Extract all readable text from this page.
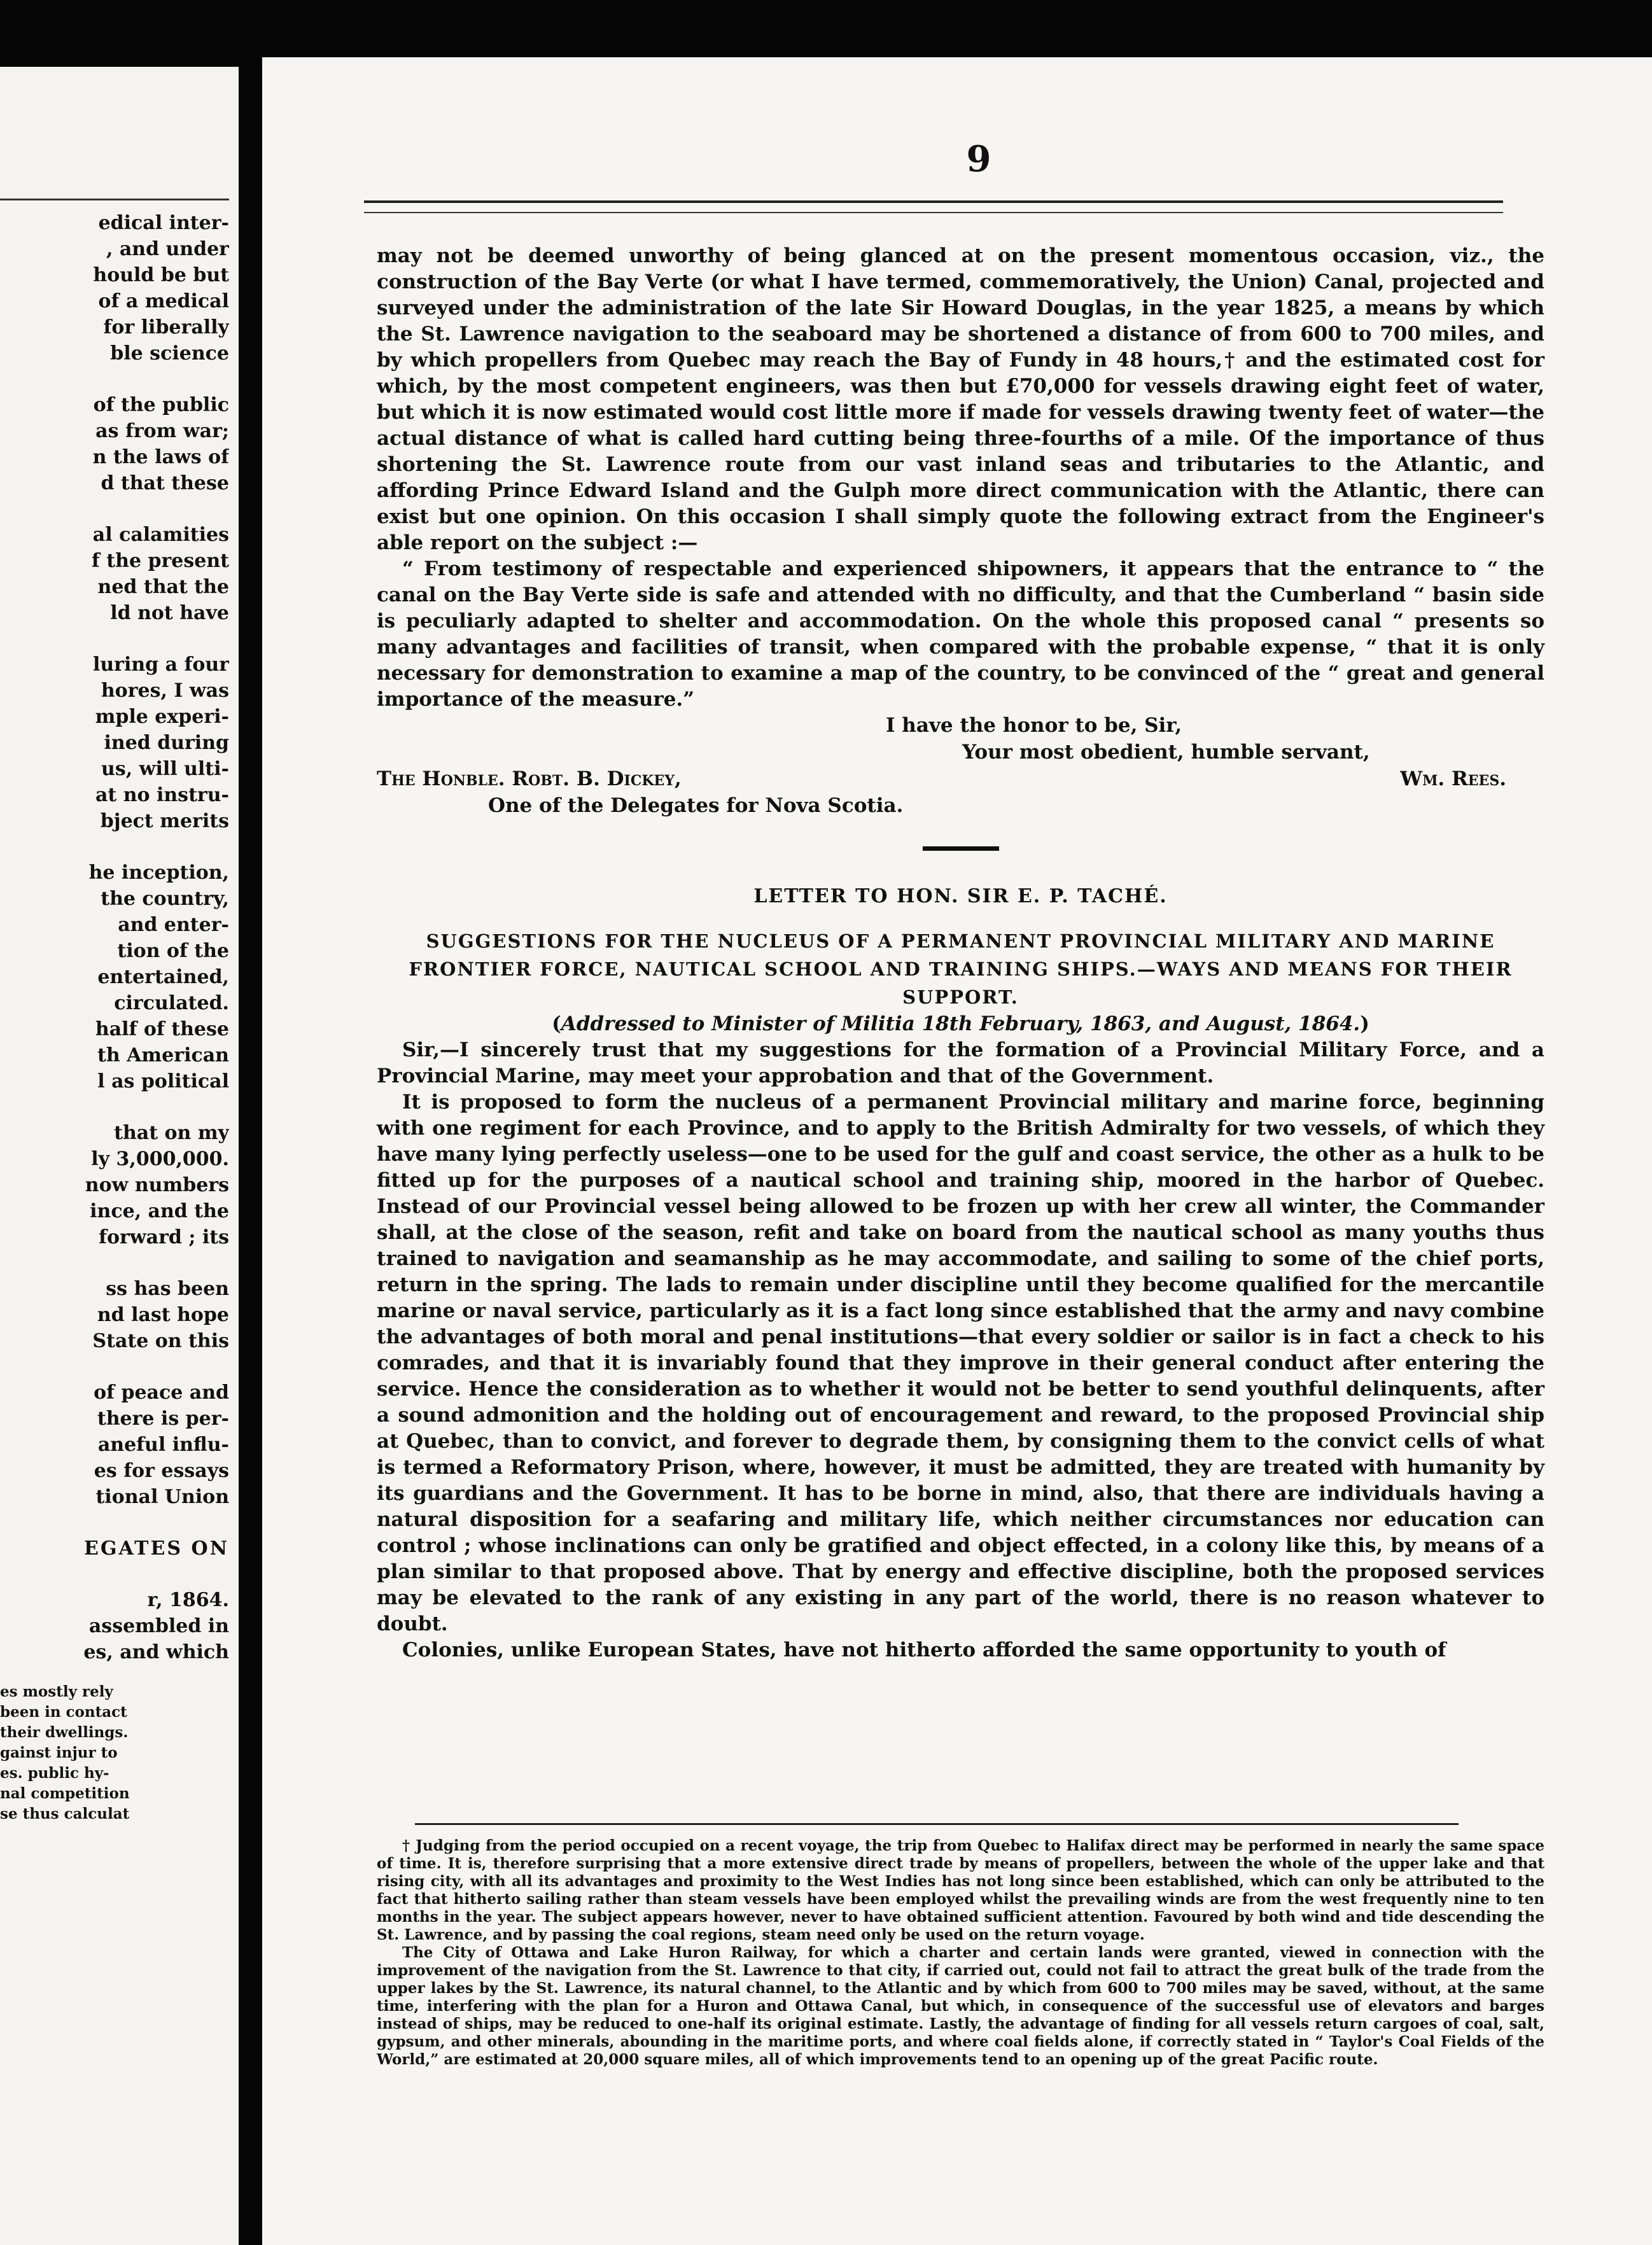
edical inter-
, and under
hould be but
of a medical
for liberally
ble science
of the public
as from war;
n the laws of
d that these
al calamities
f the present
ned that the
ld not have
luring a four
hores, I was
mple experi-
ined during
us, will ulti-
at no instru-
bject merits
he inception,
the country,
and enter-
tion of the
entertained,
circulated.
half of these
th American
l as political
that on my
ly 3,000,000.
now numbers
ince, and the
forward ; its
ss has been
nd last hope
State on this
of peace and
there is per-
aneful influ-
es for essays
tional Union
EGATES ON
r, 1864.
assembled in
es, and which
es mostly rely
been in contact
their dwellings.
gainst injur to
es. public hy-
nal competition
se thus calculat
9

may not be deemed unworthy of being glanced at on the present momentous occasion, viz., the construction of the Bay Verte (or what I have termed, commemoratively, the Union) Canal, projected and surveyed under the administration of the late Sir Howard Douglas, in the year 1825, a means by which the St. Lawrence navigation to the seaboard may be shortened a distance of from 600 to 700 miles, and by which propellers from Quebec may reach the Bay of Fundy in 48 hours,† and the estimated cost for which, by the most competent engineers, was then but £70,000 for vessels drawing eight feet of water, but which it is now estimated would cost little more if made for vessels drawing twenty feet of water—the actual distance of what is called hard cutting being three-fourths of a mile. Of the importance of thus shortening the St. Lawrence route from our vast inland seas and tributaries to the Atlantic, and affording Prince Edward Island and the Gulph more direct communication with the Atlantic, there can exist but one opinion. On this occasion I shall simply quote the following extract from the Engineer's able report on the subject :—

“ From testimony of respectable and experienced shipowners, it appears that the entrance to “ the canal on the Bay Verte side is safe and attended with no difficulty, and that the Cumberland “ basin side is peculiarly adapted to shelter and accommodation. On the whole this proposed canal “ presents so many advantages and facilities of transit, when compared with the probable expense, “ that it is only necessary for demonstration to examine a map of the country, to be convinced of the “ great and general importance of the measure.”

I have the honor to be, Sir,
Your most obedient, humble servant,
The Honble. Robt. B. Dickey,	Wm. Rees.
One of the Delegates for Nova Scotia.

LETTER TO HON. SIR E. P. TACHÉ.

SUGGESTIONS FOR THE NUCLEUS OF A PERMANENT PROVINCIAL MILITARY AND MARINE FRONTIER FORCE, NAUTICAL SCHOOL AND TRAINING SHIPS.—WAYS AND MEANS FOR THEIR SUPPORT.

(Addressed to Minister of Militia 18th February, 1863, and August, 1864.)

Sir,—I sincerely trust that my suggestions for the formation of a Provincial Military Force, and a Provincial Marine, may meet your approbation and that of the Government.

It is proposed to form the nucleus of a permanent Provincial military and marine force, beginning with one regiment for each Province, and to apply to the British Admiralty for two vessels, of which they have many lying perfectly useless—one to be used for the gulf and coast service, the other as a hulk to be fitted up for the purposes of a nautical school and training ship, moored in the harbor of Quebec. Instead of our Provincial vessel being allowed to be frozen up with her crew all winter, the Commander shall, at the close of the season, refit and take on board from the nautical school as many youths thus trained to navigation and seamanship as he may accommodate, and sailing to some of the chief ports, return in the spring. The lads to remain under discipline until they become qualified for the mercantile marine or naval service, particularly as it is a fact long since established that the army and navy combine the advantages of both moral and penal institutions—that every soldier or sailor is in fact a check to his comrades, and that it is invariably found that they improve in their general conduct after entering the service. Hence the consideration as to whether it would not be better to send youthful delinquents, after a sound admonition and the holding out of encouragement and reward, to the proposed Provincial ship at Quebec, than to convict, and forever to degrade them, by consigning them to the convict cells of what is termed a Reformatory Prison, where, however, it must be admitted, they are treated with humanity by its guardians and the Government. It has to be borne in mind, also, that there are individuals having a natural disposition for a seafaring and military life, which neither circumstances nor education can control ; whose inclinations can only be gratified and object effected, in a colony like this, by means of a plan similar to that proposed above. That by energy and effective discipline, both the proposed services may be elevated to the rank of any existing in any part of the world, there is no reason whatever to doubt.

Colonies, unlike European States, have not hitherto afforded the same opportunity to youth of

† Judging from the period occupied on a recent voyage, the trip from Quebec to Halifax direct may be performed in nearly the same space of time. It is, therefore surprising that a more extensive direct trade by means of propellers, between the whole of the upper lake and that rising city, with all its advantages and proximity to the West Indies has not long since been established, which can only be attributed to the fact that hitherto sailing rather than steam vessels have been employed whilst the prevailing winds are from the west frequently nine to ten months in the year. The subject appears however, never to have obtained sufficient attention. Favoured by both wind and tide descending the St. Lawrence, and by passing the coal regions, steam need only be used on the return voyage.

The City of Ottawa and Lake Huron Railway, for which a charter and certain lands were granted, viewed in connection with the improvement of the navigation from the St. Lawrence to that city, if carried out, could not fail to attract the great bulk of the trade from the upper lakes by the St. Lawrence, its natural channel, to the Atlantic and by which from 600 to 700 miles may be saved, without, at the same time, interfering with the plan for a Huron and Ottawa Canal, but which, in consequence of the successful use of elevators and barges instead of ships, may be reduced to one-half its original estimate. Lastly, the advantage of finding for all vessels return cargoes of coal, salt, gypsum, and other minerals, abounding in the maritime ports, and where coal fields alone, if correctly stated in “ Taylor's Coal Fields of the World,” are estimated at 20,000 square miles, all of which improvements tend to an opening up of the great Pacific route.
